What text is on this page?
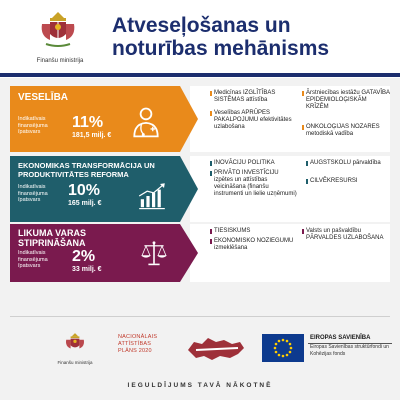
Finanšu ministrija
Atveseļošanas un
noturības mehānisms
VESELĪBA
Indikatīvais finansējuma īpatsvars
11%
181,5 milj. €
Medicīnas IZGLĪTĪBAS SISTĒMAS attīstība
Veselības APRŪPES PAKALPOJUMU efektivitātes uzlabošana
Ārstniecības iestāžu GATAVĪBA EPIDEMIOLOĢISKĀM KRĪZĒM
ONKOLOĢIJAS NOZARES metodiskā vadība
EKONOMIKAS TRANSFORMĀCIJA UN PRODUKTIVITĀTES REFORMA
Indikatīvais finansējuma īpatsvars
10%
165 milj. €
INOVĀCIJU POLITIKA
PRIVĀTO INVESTĪCIJU izpētes un attīstības veicināšana (finanšu instrumenti un lielie uzņēmumi)
AUGSTSKOLU pārvaldība
CILVĒKRESURSI
LIKUMA VARAS STIPRINĀŠANA
Indikatīvais finansējuma īpatsvars
2%
33 milj. €
TIESISKUMS
EKONOMISKO NOZIEGUMU izmeklēšana
Valsts un pašvaldību PĀRVALDES UZLABOŠANA
Finanšu ministrija
NACIONĀLAIS
ATTĪSTĪBAS
PLĀNS 2020
EIROPAS SAVIENĪBA
Eiropas Savienības struktūrfondi un Kohēzijas fonds
IEGULDĪJUMS TAVĀ NĀKOTNĒ
